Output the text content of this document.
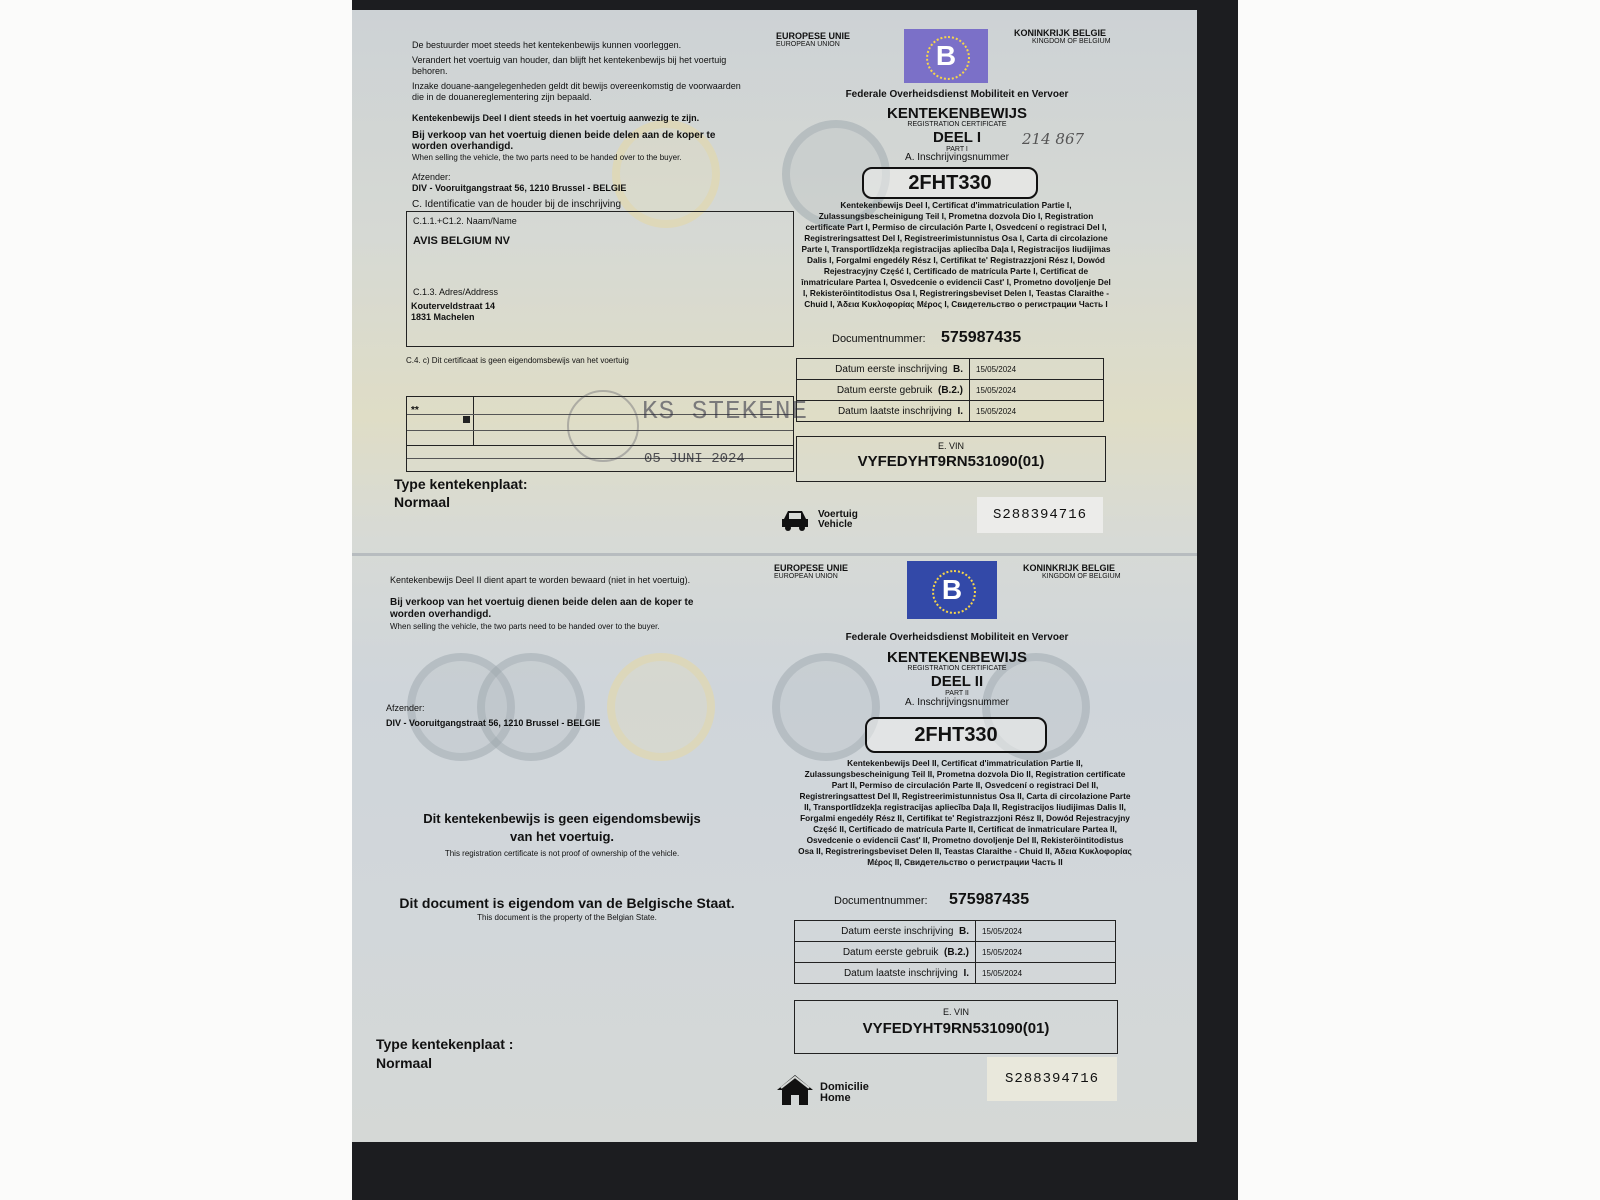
De bestuurder moet steeds het kentekenbewijs kunnen voorleggen.
Verandert het voertuig van houder, dan blijft het kentekenbewijs bij het voertuig behoren.
Inzake douane-aangelegenheden geldt dit bewijs overeenkomstig de voorwaarden die in de douanereglementering zijn bepaald.
Kentekenbewijs Deel I dient steeds in het voertuig aanwezig te zijn.
Bij verkoop van het voertuig dienen beide delen aan de koper te worden overhandigd.
When selling the vehicle, the two parts need to be handed over to the buyer.
Afzender:
DIV - Vooruitgangstraat 56, 1210 Brussel - BELGIE
C. Identificatie van de houder bij de inschrijving
C.1.1.+C1.2. Naam/Name
AVIS BELGIUM NV
C.1.3. Adres/Address
Kouterveldstraat 14
1831 Machelen
C.4. c) Dit certificaat is geen eigendomsbewijs van het voertuig
**	KS STEKENE
05 JUNI 2024
Type kentekenplaat:
Normaal
EUROPESE UNIE
EUROPEAN UNION	B
KONINKRIJK BELGIE
KINGDOM OF BELGIUM
Federale Overheidsdienst Mobiliteit en Vervoer
KENTEKENBEWIJS
REGISTRATION CERTIFICATE
DEEL I
PART I
214 867
A. Inschrijvingsnummer
2FHT330
Kentekenbewijs Deel I, Certificat d'immatriculation Partie I, Zulassungsbescheinigung Teil I, Prometna dozvola Dio I, Registration certificate Part I, Permiso de circulación Parte I, Osvedcení o registraci Del I, Registreringsattest Del I, Registreerimistunnistus Osa I, Carta di circolazione Parte I, Transportlīdzekļa registracijas apliecība Daļa I, Registracijos liudijimas Dalis I, Forgalmi engedély Rész I, Certifikat te' Registrazzjoni Rész I, Dowód Rejestracyjny Część I, Certificado de matrícula Parte I, Certificat de înmatriculare Partea I, Osvedcenie o evidencii Cast' I, Prometno dovoljenje Del I, Rekisteröintitodistus Osa I, Registreringsbeviset Delen I, Teastas Claraithe - Chuid I, Άδεια Κυκλοφορίας Μέρος I, Свидетельство о регистрации Часть I
Documentnummer: 575987435
Datum eerste inschrijving B.	15/05/2024
Datum eerste gebruik (B.2.)	15/05/2024
Datum laatste inschrijving I.	15/05/2024
E. VIN
VYFEDYHT9RN531090(01)
Voertuig
Vehicle
S288394716
Kentekenbewijs Deel II dient apart te worden bewaard (niet in het voertuig).
Bij verkoop van het voertuig dienen beide delen aan de koper te worden overhandigd.
When selling the vehicle, the two parts need to be handed over to the buyer.
Afzender:
DIV - Vooruitgangstraat 56, 1210 Brussel - BELGIE
Dit kentekenbewijs is geen eigendomsbewijs
van het voertuig.
This registration certificate is not proof of ownership of the vehicle.
Dit document is eigendom van de Belgische Staat.
This document is the property of the Belgian State.
Type kentekenplaat :
Normaal
EUROPESE UNIE
EUROPEAN UNION	B
KONINKRIJK BELGIE
KINGDOM OF BELGIUM
Federale Overheidsdienst Mobiliteit en Vervoer
KENTEKENBEWIJS
REGISTRATION CERTIFICATE
DEEL II
PART II
A. Inschrijvingsnummer
2FHT330
Kentekenbewijs Deel II, Certificat d'immatriculation Partie II, Zulassungsbescheinigung Teil II, Prometna dozvola Dio II, Registration certificate Part II, Permiso de circulación Parte II, Osvedcení o registraci Del II, Registreringsattest Del II, Registreerimistunnistus Osa II, Carta di circolazione Parte II, Transportlīdzekļa registracijas apliecība Daļa II, Registracijos liudijimas Dalis II, Forgalmi engedély Rész II, Certifikat te' Registrazzjoni Rész II, Dowód Rejestracyjny Część II, Certificado de matrícula Parte II, Certificat de înmatriculare Partea II, Osvedcenie o evidencii Cast' II, Prometno dovoljenje Del II, Rekisteröintitodistus Osa II, Registreringsbeviset Delen II, Teastas Claraithe - Chuid II, Άδεια Κυκλοφορίας Μέρος II, Свидетельство о регистрации Часть II
Documentnummer: 575987435
Datum eerste inschrijving B.	15/05/2024
Datum eerste gebruik (B.2.)	15/05/2024
Datum laatste inschrijving I.	15/05/2024
E. VIN
VYFEDYHT9RN531090(01)
Domicilie
Home
S288394716
